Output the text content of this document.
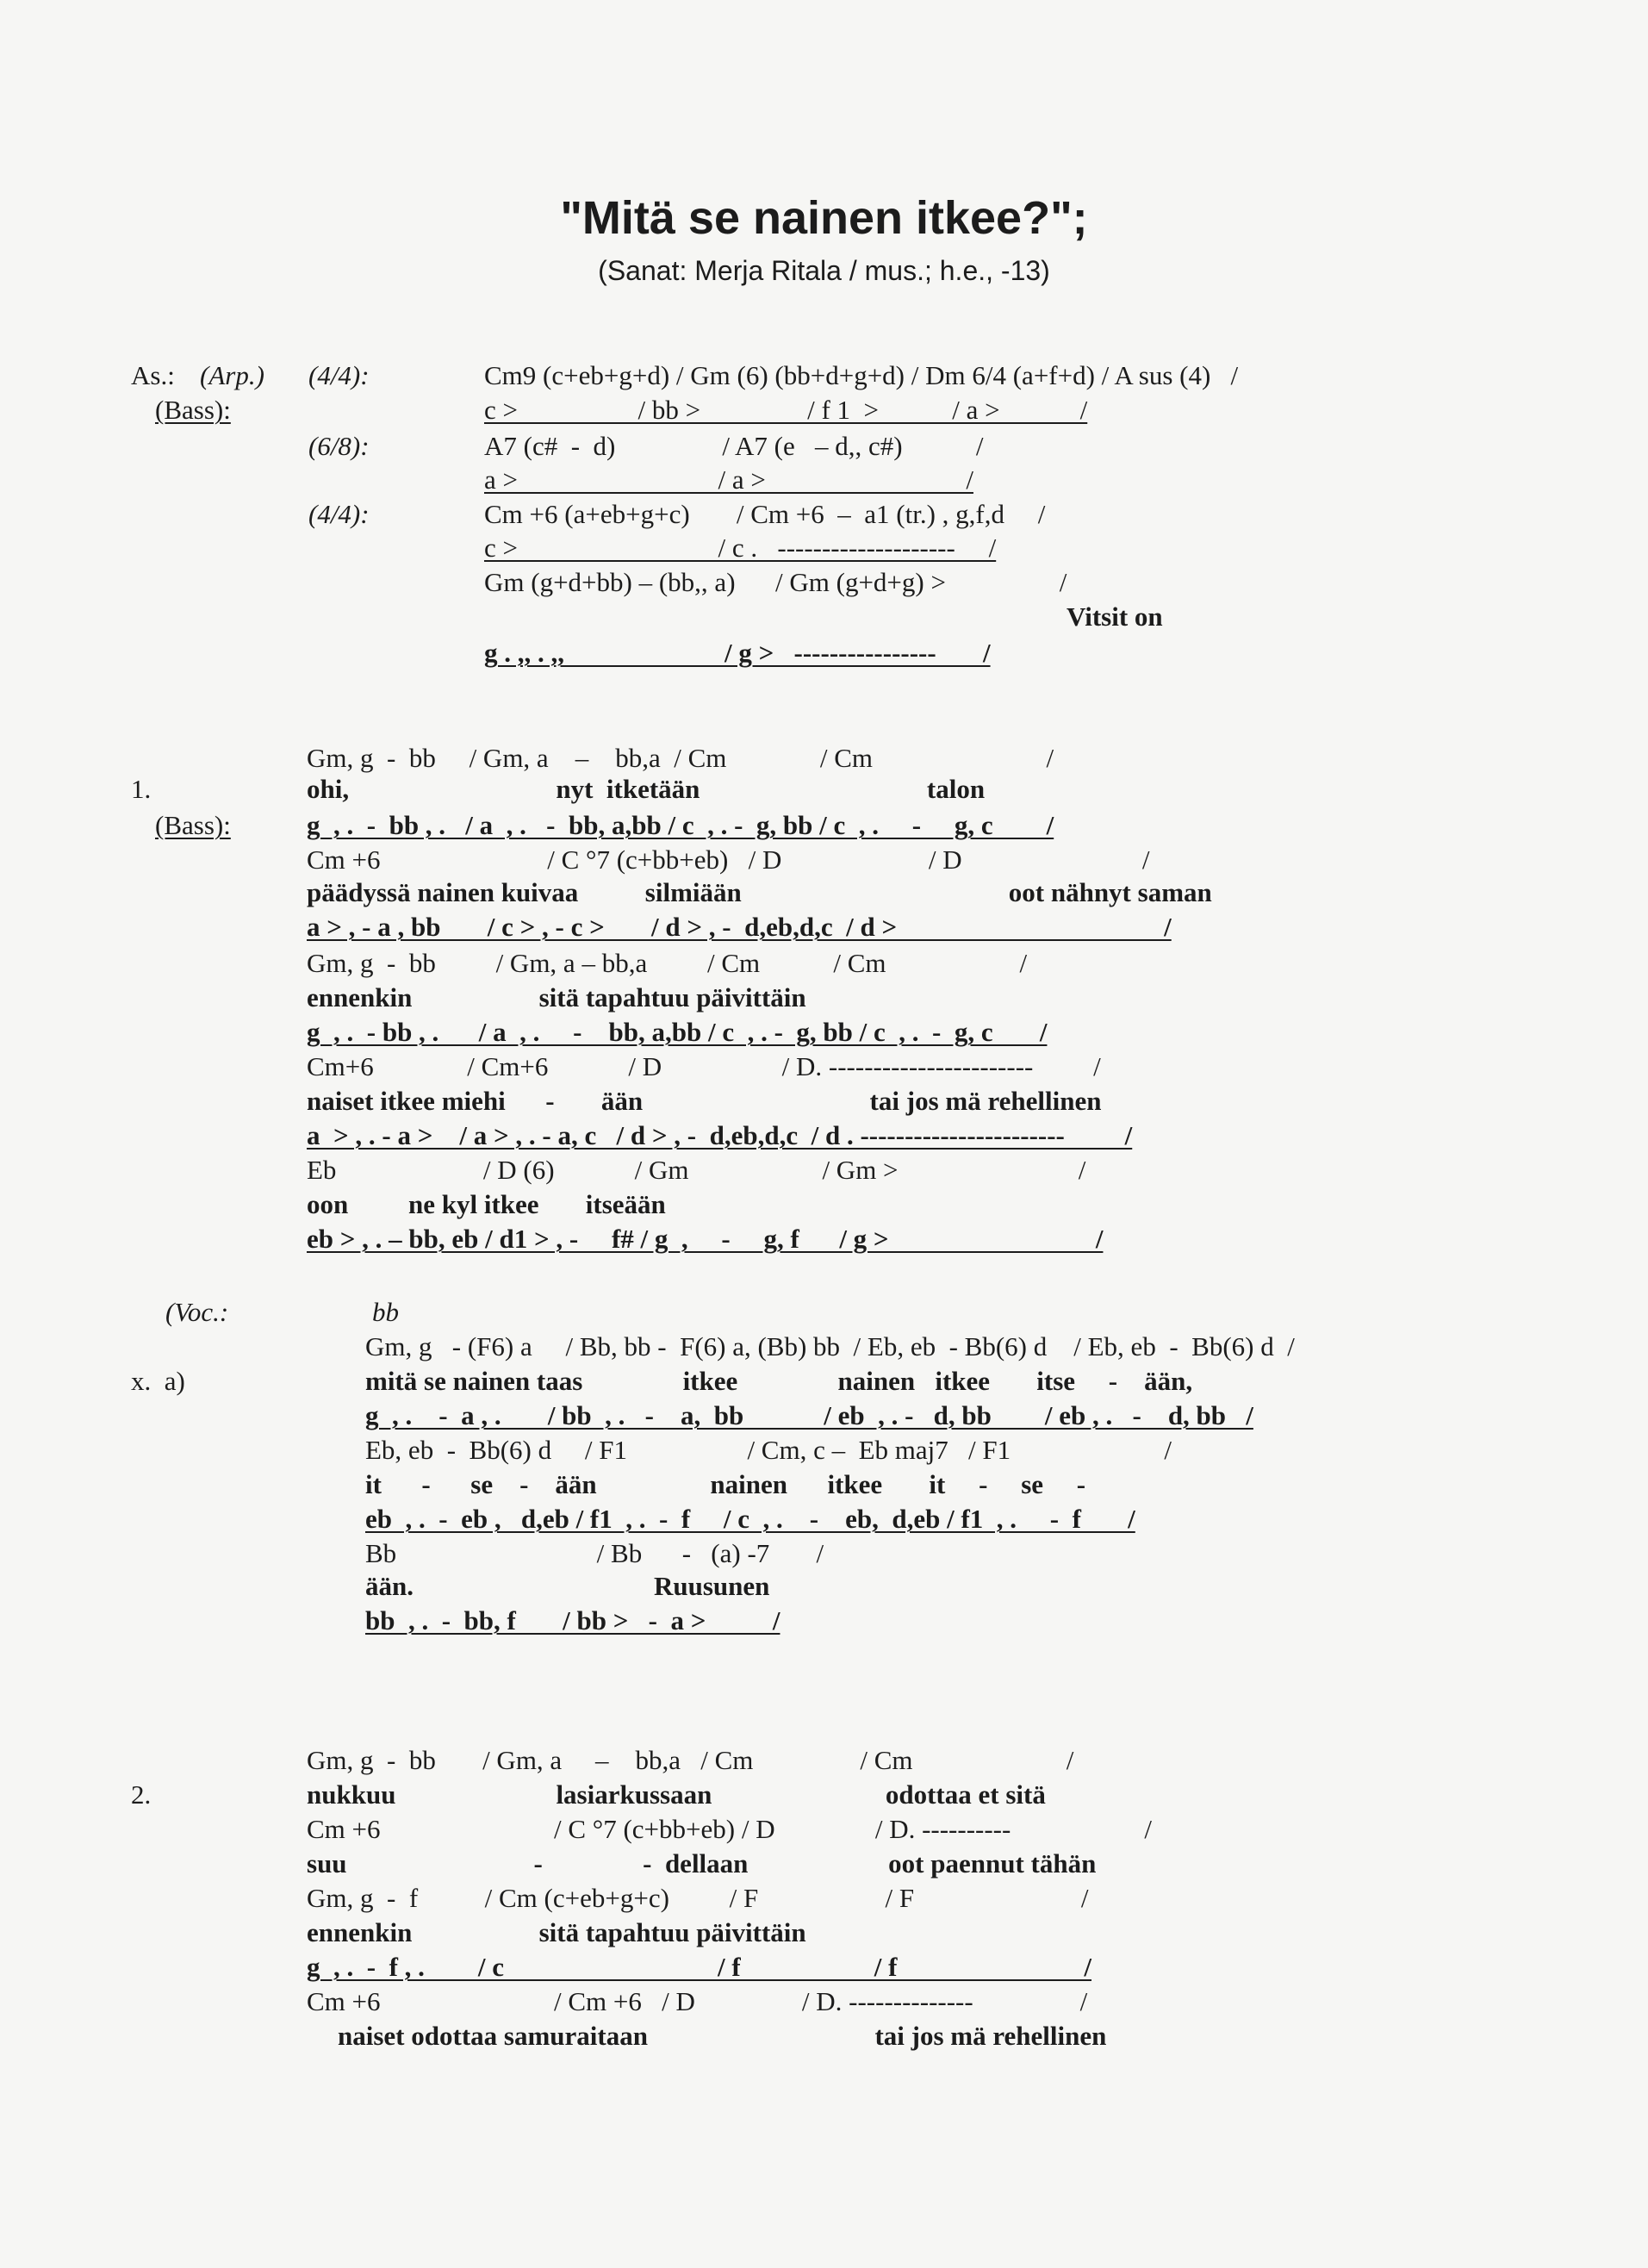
"Mitä se nainen itkee?";
(Sanat: Merja Ritala / mus.; h.e., -13)
As.: (Arp.)
(Bass):
(4/4):
(6/8):
(4/4):
Cm9 (c+eb+g+d) / Gm (6) (bb+d+g+d) / Dm 6/4 (a+f+d) / A sus (4)   /
c >                  / bb >                / f 1  >           / a >            /
A7 (c#  -  d)                / A7 (e   – d,, c#)           /
a >                              / a >                              /
Cm +6 (a+eb+g+c)       / Cm +6  –  a1 (tr.) , g,f,d     /
c >                              / c .   --------------------     /
Gm (g+d+bb) – (bb,, a)      / Gm (g+d+g) >                 /
Vitsit on
g . ,, . ,,                        / g >   ----------------       /
1.
(Bass):
Gm, g  -  bb     / Gm, a    –    bb,a  / Cm              / Cm                          /
ohi,                               nyt  itketään                                  talon
g  , .  -  bb , .   / a  , .   -  bb, a,bb / c  , . -  g, bb / c  , .     -     g, c        /
Cm +6                         / C °7 (c+bb+eb)   / D                      / D                           /
päädyssä nainen kuivaa          silmiään                                        oot nähnyt saman
a > , - a , bb       / c > , - c >       / d > , -  d,eb,d,c  / d >                                        /
Gm, g  -  bb         / Gm, a – bb,a         / Cm           / Cm                    /
ennenkin                   sitä tapahtuu päivittäin
g  , .  - bb , .      / a  , .     -    bb, a,bb / c  , . -  g, bb / c  , .  -  g, c       /
Cm+6              / Cm+6            / D                  / D. -----------------------         /
naiset itkee miehi      -       ään                                  tai jos mä rehellinen
a  > , . - a >    / a > , . - a, c   / d > , -  d,eb,d,c  / d . -----------------------         /
Eb                      / D (6)            / Gm                    / Gm >                           /
oon         ne kyl itkee       itseään
eb > , . – bb, eb / d1 > , -     f# / g  ,     -     g, f      / g >                               /
(Voc.:
x.  a)
bb
Gm, g   - (F6) a     / Bb, bb -  F(6) a, (Bb) bb  / Eb, eb  - Bb(6) d    / Eb, eb  -  Bb(6) d  /
mitä se nainen taas               itkee               nainen   itkee       itse     -    ään,
g  , .    -  a , .       / bb  , .   -    a,  bb            / eb  , . -   d, bb        / eb , .   -    d, bb   /
Eb, eb  -  Bb(6) d     / F1                  / Cm, c –  Eb maj7   / F1                       /
it      -      se    -    ään                 nainen      itkee       it     -     se     -
eb  , .  -  eb ,   d,eb / f1  , .  -  f     / c  , .    -    eb,  d,eb / f1  , .     -  f       /
Bb                              / Bb      -   (a) -7       /
ään.                                    Ruusunen
bb  , .  -  bb, f       / bb >   -  a >          /
2.
Gm, g  -  bb       / Gm, a     –    bb,a   / Cm                / Cm                       /
nukkuu                        lasiarkussaan                          odottaa et sitä
Cm +6                          / C °7 (c+bb+eb) / D               / D. ----------                    /
suu                            -               -  dellaan                     oot paennut tähän
Gm, g  -  f          / Cm (c+eb+g+c)         / F                   / F                         /
ennenkin                   sitä tapahtuu päivittäin
g  , .  -  f , .        / c                                / f                    / f                            /
Cm +6                          / Cm +6   / D                / D. --------------                /
naiset odottaa samuraitaan                                  tai jos mä rehellinen
